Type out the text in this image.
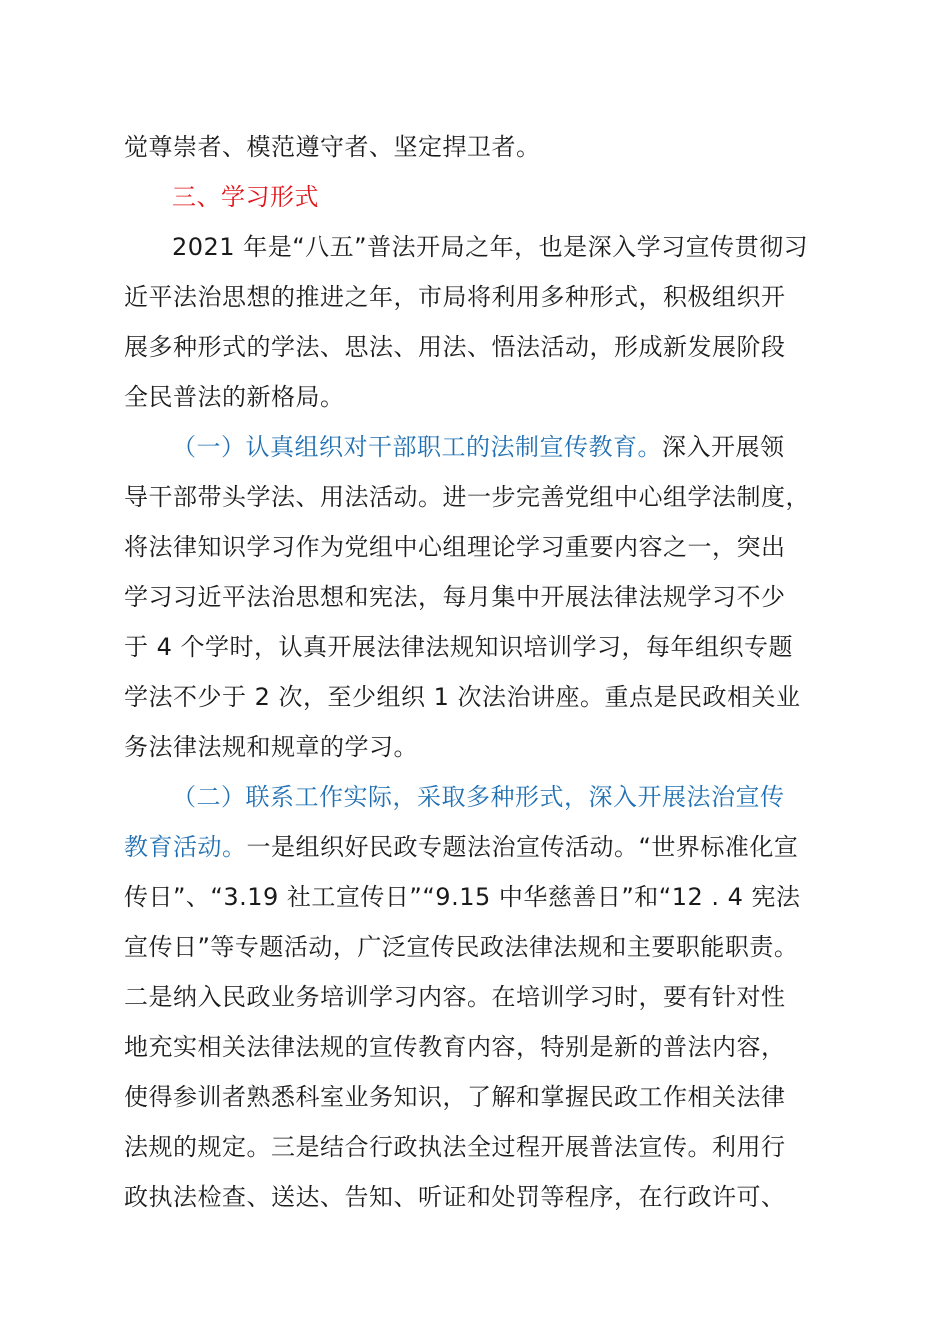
觉尊崇者、模范遵守者、坚定捍卫者。
三、学习形式
2021 年是“八五”普法开局之年，也是深入学习宣传贯彻习
近平法治思想的推进之年，市局将利用多种形式，积极组织开
展多种形式的学法、思法、用法、悟法活动，形成新发展阶段
全民普法的新格局。
（一）认真组织对干部职工的法制宣传教育。深入开展领
导干部带头学法、用法活动。进一步完善党组中心组学法制度，
将法律知识学习作为党组中心组理论学习重要内容之一，突出
学习习近平法治思想和宪法，每月集中开展法律法规学习不少
于 4 个学时，认真开展法律法规知识培训学习，每年组织专题
学法不少于 2 次，至少组织 1 次法治讲座。重点是民政相关业
务法律法规和规章的学习。
（二）联系工作实际，采取多种形式，深入开展法治宣传
教育活动。一是组织好民政专题法治宣传活动。“世界标准化宣
传日”、“3.19 社工宣传日”“9.15 中华慈善日”和“12 . 4 宪法
宣传日”等专题活动，广泛宣传民政法律法规和主要职能职责。
二是纳入民政业务培训学习内容。在培训学习时，要有针对性
地充实相关法律法规的宣传教育内容，特别是新的普法内容，
使得参训者熟悉科室业务知识，了解和掌握民政工作相关法律
法规的规定。三是结合行政执法全过程开展普法宣传。利用行
政执法检查、送达、告知、听证和处罚等程序，在行政许可、
